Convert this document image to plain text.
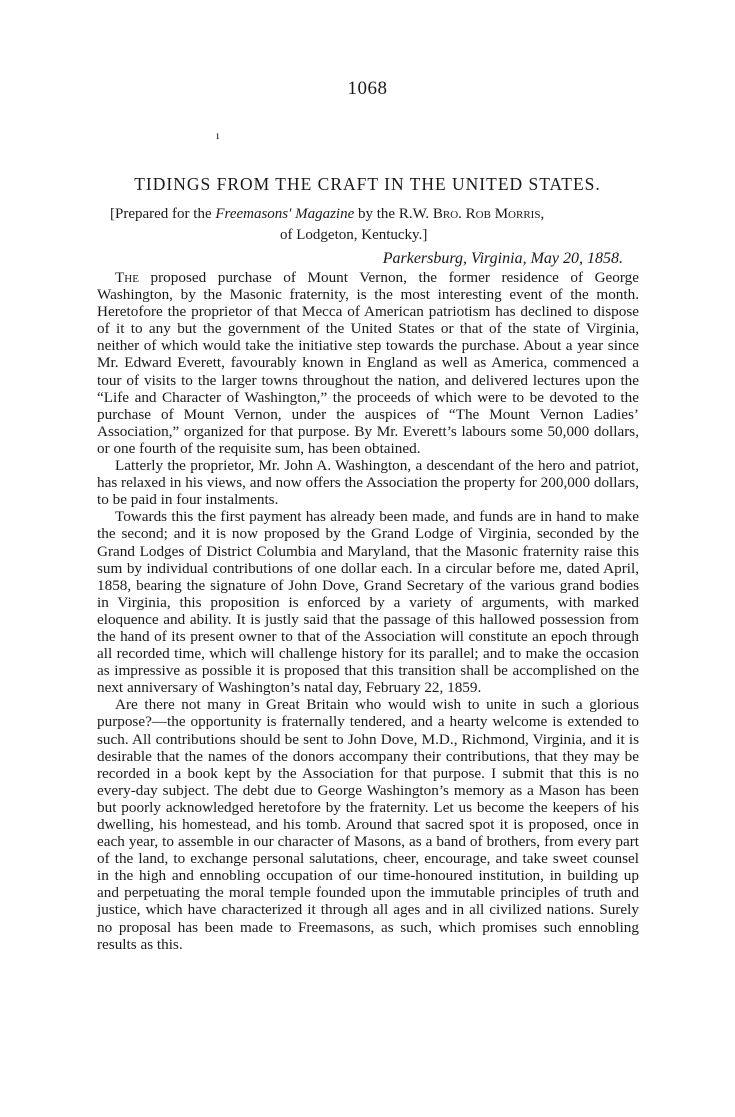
1068
ı
TIDINGS FROM THE CRAFT IN THE UNITED STATES.
[Prepared for the Freemasons' Magazine by the R.W. Bro. Rob Morris,
of Lodgeton, Kentucky.]
Parkersburg, Virginia, May 20, 1858.

The proposed purchase of Mount Vernon, the former residence of George Washington, by the Masonic fraternity, is the most interesting event of the month. Heretofore the proprietor of that Mecca of American patriotism has declined to dispose of it to any but the government of the United States or that of the state of Virginia, neither of which would take the initiative step towards the purchase. About a year since Mr. Edward Everett, favourably known in England as well as America, commenced a tour of visits to the larger towns throughout the nation, and delivered lectures upon the “Life and Character of Washington,” the proceeds of which were to be devoted to the purchase of Mount Vernon, under the auspices of “The Mount Vernon Ladies’ Association,” organized for that purpose. By Mr. Everett’s labours some 50,000 dollars, or one fourth of the requisite sum, has been obtained.

Latterly the proprietor, Mr. John A. Washington, a descendant of the hero and patriot, has relaxed in his views, and now offers the Association the property for 200,000 dollars, to be paid in four instalments.

Towards this the first payment has already been made, and funds are in hand to make the second; and it is now proposed by the Grand Lodge of Virginia, seconded by the Grand Lodges of District Columbia and Maryland, that the Masonic fraternity raise this sum by individual contributions of one dollar each. In a circular before me, dated April, 1858, bearing the signature of John Dove, Grand Secretary of the various grand bodies in Virginia, this proposition is enforced by a variety of arguments, with marked eloquence and ability. It is justly said that the passage of this hallowed possession from the hand of its present owner to that of the Association will constitute an epoch through all recorded time, which will challenge history for its parallel; and to make the occasion as impressive as possible it is proposed that this transition shall be accomplished on the next anniversary of Washington’s natal day, February 22, 1859.

Are there not many in Great Britain who would wish to unite in such a glorious purpose?—the opportunity is fraternally tendered, and a hearty welcome is extended to such. All contributions should be sent to John Dove, M.D., Richmond, Virginia, and it is desirable that the names of the donors accompany their contributions, that they may be recorded in a book kept by the Association for that purpose. I submit that this is no every-day subject. The debt due to George Washington’s memory as a Mason has been but poorly acknowledged heretofore by the fraternity. Let us become the keepers of his dwelling, his homestead, and his tomb. Around that sacred spot it is proposed, once in each year, to assemble in our character of Masons, as a band of brothers, from every part of the land, to exchange personal salutations, cheer, encourage, and take sweet counsel in the high and ennobling occupation of our time-honoured institution, in building up and perpetuating the moral temple founded upon the immutable principles of truth and justice, which have characterized it through all ages and in all civilized nations. Surely no proposal has been made to Freemasons, as such, which promises such ennobling results as this.
